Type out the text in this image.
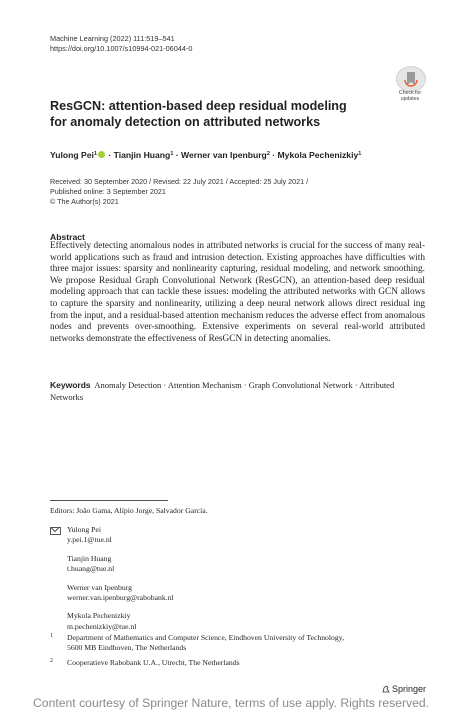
Machine Learning (2022) 111:519–541
https://doi.org/10.1007/s10994-021-06044-0
Check for
updates
ResGCN: attention-based deep residual modeling
for anomaly detection on attributed networks
Yulong Pei$^1$ · Tianjin Huang$^1$ · Werner van Ipenburg$^2$ · Mykola Pechenizkiy$^1$
Received: 30 September 2020 / Revised: 22 July 2021 / Accepted: 25 July 2021 /
Published online: 3 September 2021
© The Author(s) 2021
Abstract
Effectively detecting anomalous nodes in attributed networks is crucial for the success of many real-world applications such as fraud and intrusion detection. Existing approaches have difficulties with three major issues: sparsity and nonlinearity capturing, residual modeling, and network smoothing. We propose Residual Graph Convolutional Network (ResGCN), an attention-based deep residual modeling approach that can tackle these issues: modeling the attributed networks with GCN allows to capture the sparsity and nonlinearity, utilizing a deep neural network allows direct residual ing from the input, and a residual-based attention mechanism reduces the adverse effect from anomalous nodes and prevents over-smoothing. Extensive experiments on several real-world attributed networks demonstrate the effectiveness of ResGCN in detecting anomalies.
Keywords Anomaly Detection · Attention Mechanism · Graph Convolutional Network · Attributed Networks
Editors: João Gama, Alípio Jorge, Salvador García.
Yulong Pei
y.pei.1@tue.nl
Tianjin Huang
t.huang@tue.nl
Werner van Ipenburg
werner.van.ipenburg@rabobank.nl
Mykola Pechenizkiy
m.pechenizkiy@tue.nl
1 Department of Mathematics and Computer Science, Eindhoven University of Technology,
5600 MB Eindhoven, The Netherlands
2 Cooperatieve Rabobank U.A., Utrecht, The Netherlands
Springer
Content courtesy of Springer Nature, terms of use apply. Rights reserved.
